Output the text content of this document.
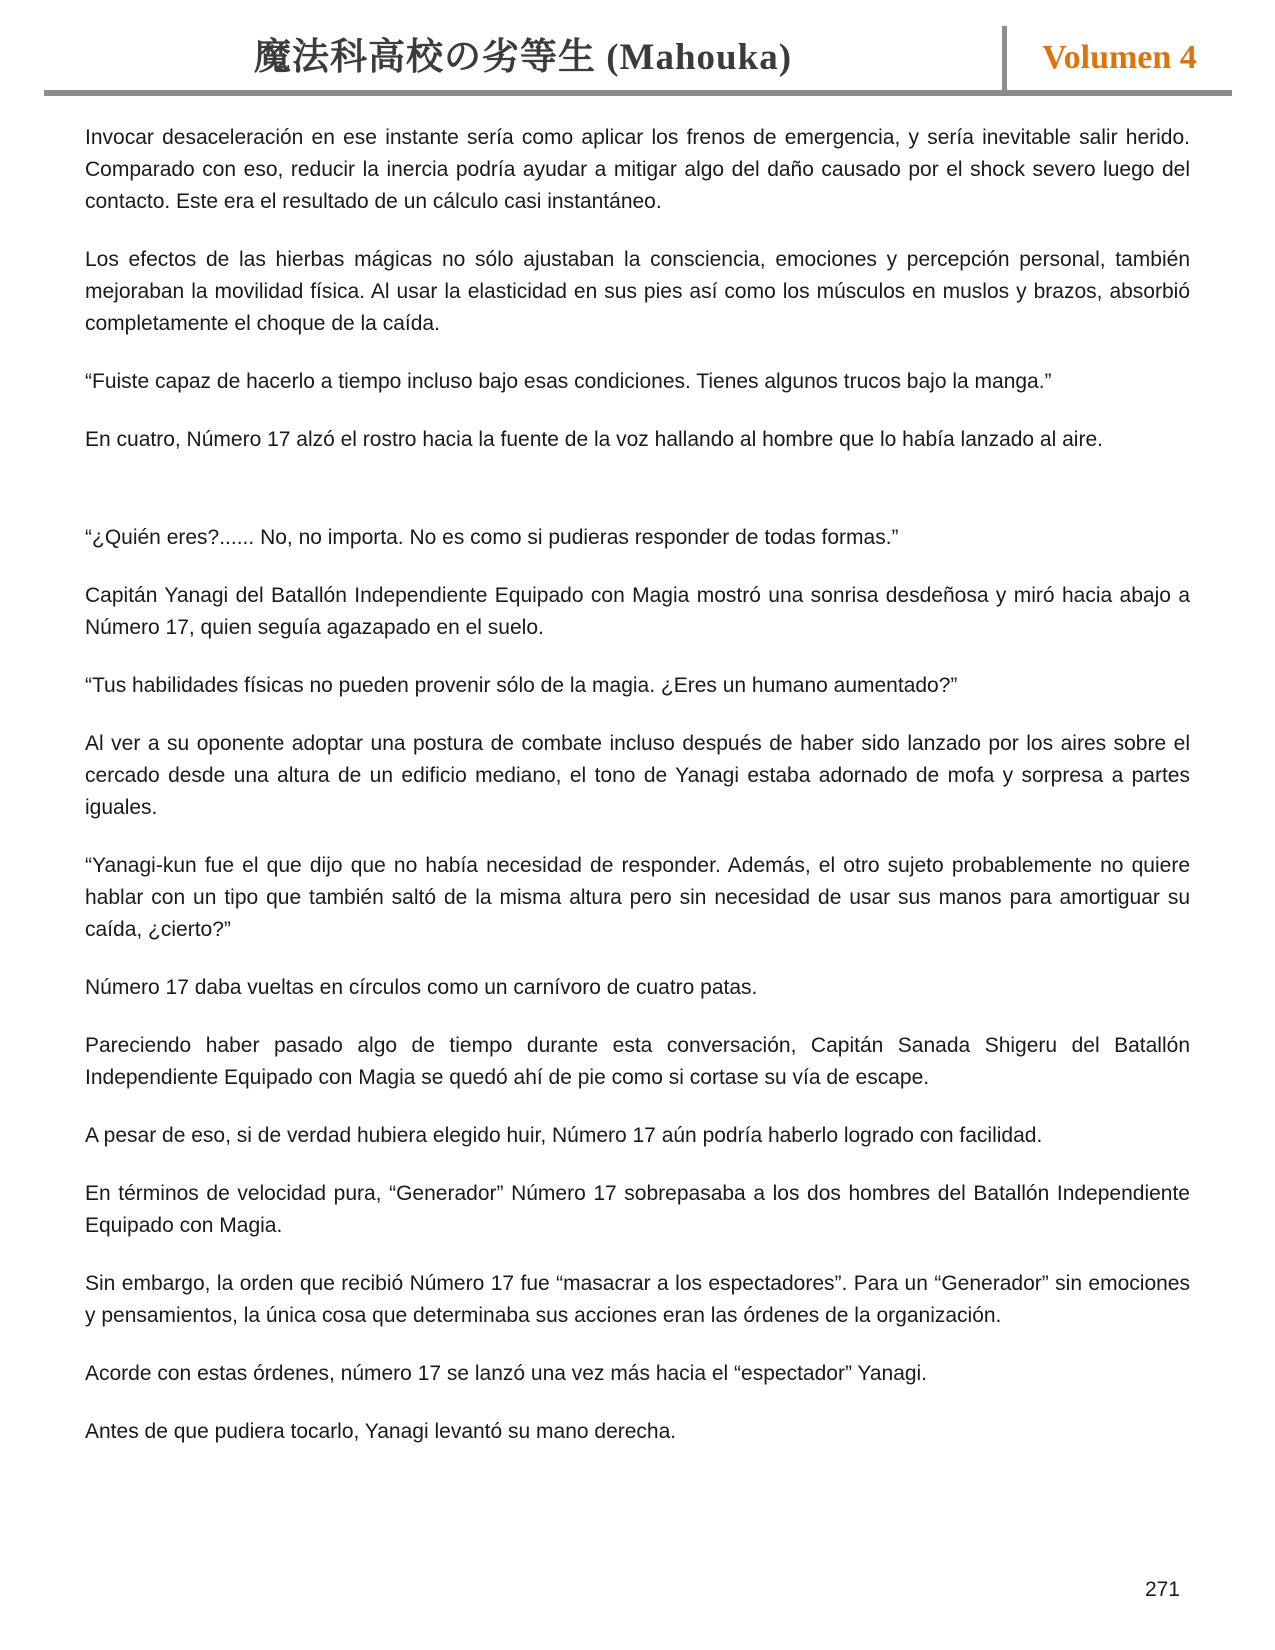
魔法科高校の劣等生 (Mahouka)	Volumen 4

Invocar desaceleración en ese instante sería como aplicar los frenos de emergencia, y sería inevitable salir herido. Comparado con eso, reducir la inercia podría ayudar a mitigar algo del daño causado por el shock severo luego del contacto. Este era el resultado de un cálculo casi instantáneo.

Los efectos de las hierbas mágicas no sólo ajustaban la consciencia, emociones y percepción personal, también mejoraban la movilidad física. Al usar la elasticidad en sus pies así como los músculos en muslos y brazos, absorbió completamente el choque de la caída.

“Fuiste capaz de hacerlo a tiempo incluso bajo esas condiciones. Tienes algunos trucos bajo la manga.”

En cuatro, Número 17 alzó el rostro hacia la fuente de la voz hallando al hombre que lo había lanzado al aire.

“¿Quién eres?...... No, no importa. No es como si pudieras responder de todas formas.”

Capitán Yanagi del Batallón Independiente Equipado con Magia mostró una sonrisa desdeñosa y miró hacia abajo a Número 17, quien seguía agazapado en el suelo.

“Tus habilidades físicas no pueden provenir sólo de la magia. ¿Eres un humano aumentado?”

Al ver a su oponente adoptar una postura de combate incluso después de haber sido lanzado por los aires sobre el cercado desde una altura de un edificio mediano, el tono de Yanagi estaba adornado de mofa y sorpresa a partes iguales.

“Yanagi-kun fue el que dijo que no había necesidad de responder. Además, el otro sujeto probablemente no quiere hablar con un tipo que también saltó de la misma altura pero sin necesidad de usar sus manos para amortiguar su caída, ¿cierto?”

Número 17 daba vueltas en círculos como un carnívoro de cuatro patas.

Pareciendo haber pasado algo de tiempo durante esta conversación, Capitán Sanada Shigeru del Batallón Independiente Equipado con Magia se quedó ahí de pie como si cortase su vía de escape.

A pesar de eso, si de verdad hubiera elegido huir, Número 17 aún podría haberlo logrado con facilidad.

En términos de velocidad pura, “Generador” Número 17 sobrepasaba a los dos hombres del Batallón Independiente Equipado con Magia.

Sin embargo, la orden que recibió Número 17 fue “masacrar a los espectadores”. Para un “Generador” sin emociones y pensamientos, la única cosa que determinaba sus acciones eran las órdenes de la organización.

Acorde con estas órdenes, número 17 se lanzó una vez más hacia el “espectador” Yanagi.

Antes de que pudiera tocarlo, Yanagi levantó su mano derecha.

271
